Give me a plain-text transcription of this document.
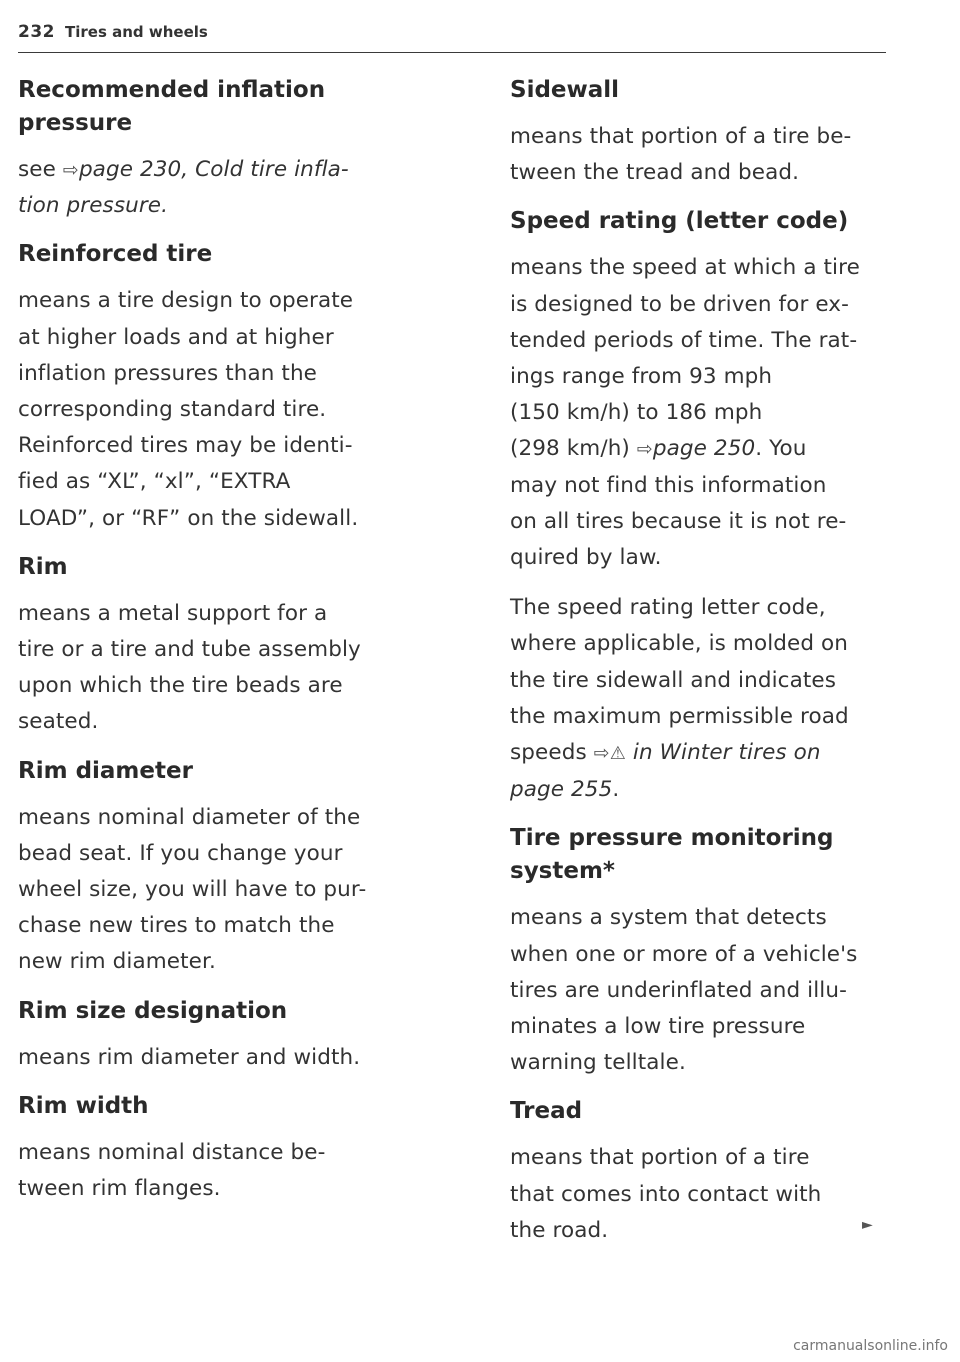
232 Tires and wheels
Recommended inflation
pressure

see ⇨page 230, Cold tire infla-
tion pressure.

Reinforced tire

means a tire design to operate
at higher loads and at higher
inflation pressures than the
corresponding standard tire.
Reinforced tires may be identi-
fied as “XL”, “xl”, “EXTRA
LOAD”, or “RF” on the sidewall.

Rim

means a metal support for a
tire or a tire and tube assembly
upon which the tire beads are
seated.

Rim diameter

means nominal diameter of the
bead seat. If you change your
wheel size, you will have to pur-
chase new tires to match the
new rim diameter.

Rim size designation

means rim diameter and width.

Rim width

means nominal distance be-
tween rim flanges.

Sidewall

means that portion of a tire be-
tween the tread and bead.

Speed rating (letter code)

means the speed at which a tire
is designed to be driven for ex-
tended periods of time. The rat-
ings range from 93 mph
(150 km/h) to 186 mph
(298 km/h) ⇨page 250. You
may not find this information
on all tires because it is not re-
quired by law.

The speed rating letter code,
where applicable, is molded on
the tire sidewall and indicates
the maximum permissible road
speeds ⇨⚠ in Winter tires on
page 255.

Tire pressure monitoring
system*

means a system that detects
when one or more of a vehicle's
tires are underinflated and illu-
minates a low tire pressure
warning telltale.

Tread

means that portion of a tire
that comes into contact with
the road.	►
carmanualsonline.info
